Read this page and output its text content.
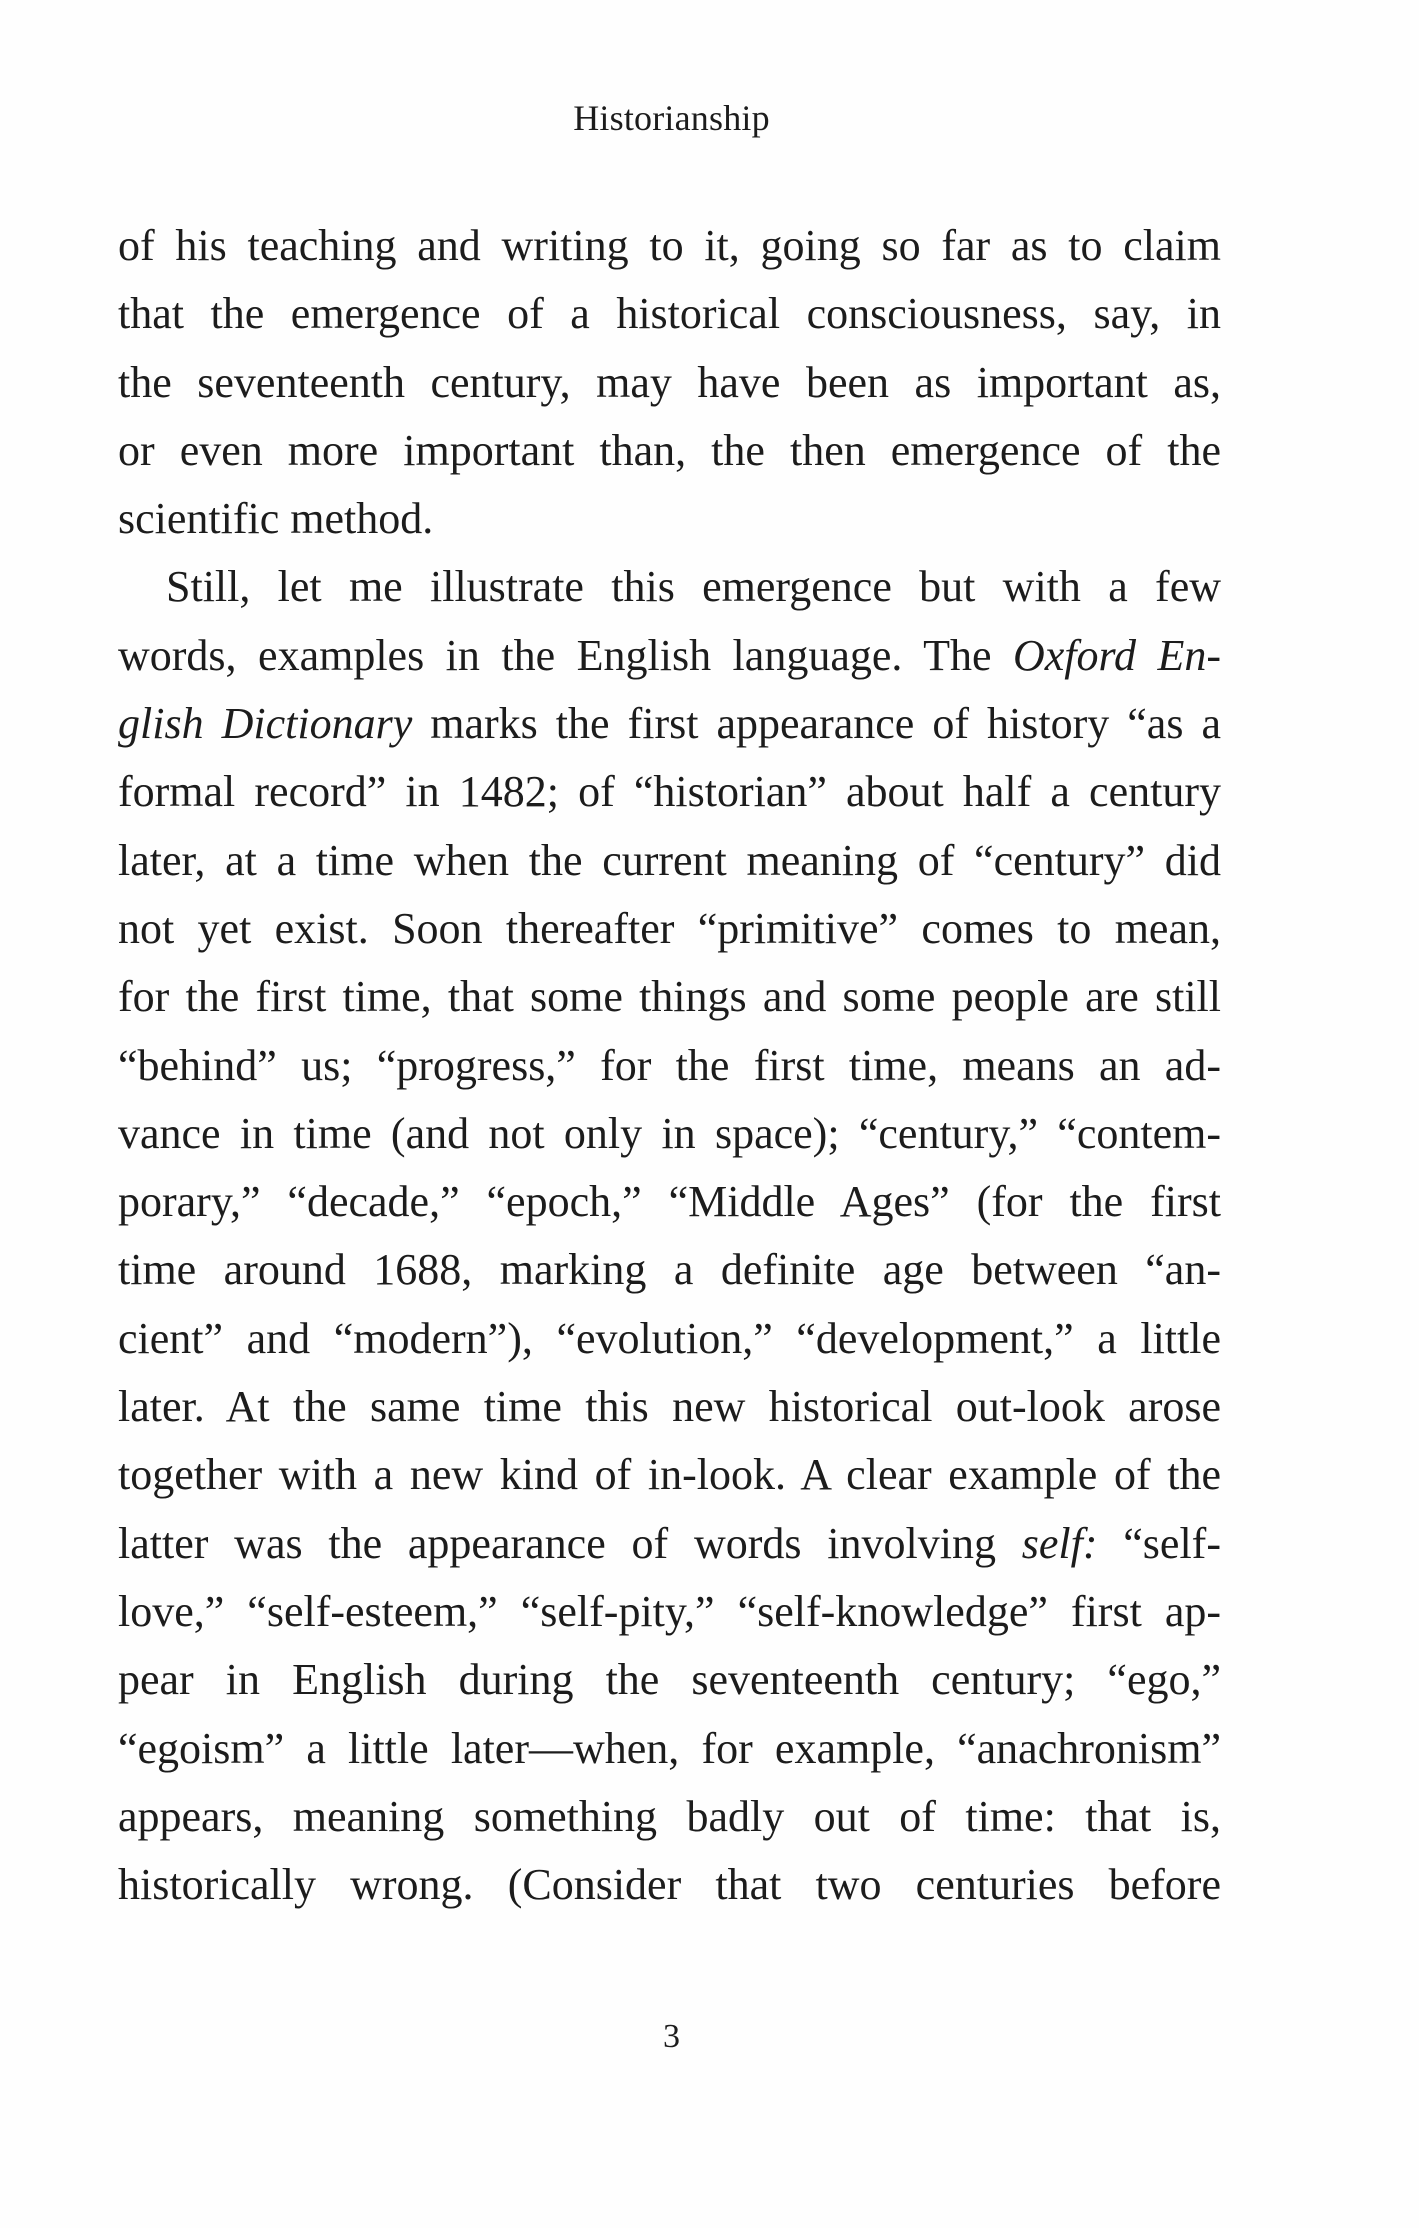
Historianship
of his teaching and writing to it, going so far as to claim
that the emergence of a historical consciousness, say, in
the seventeenth century, may have been as important as,
or even more important than, the then emergence of the
scientific method.
Still, let me illustrate this emergence but with a few
words, examples in the English language. The Oxford En-
glish Dictionary marks the first appearance of history “as a
formal record” in 1482; of “historian” about half a century
later, at a time when the current meaning of “century” did
not yet exist. Soon thereafter “primitive” comes to mean,
for the first time, that some things and some people are still
“behind” us; “progress,” for the first time, means an ad-
vance in time (and not only in space); “century,” “contem-
porary,” “decade,” “epoch,” “Middle Ages” (for the first
time around 1688, marking a definite age between “an-
cient” and “modern”), “evolution,” “development,” a little
later. At the same time this new historical out-look arose
together with a new kind of in-look. A clear example of the
latter was the appearance of words involving self: “self-
love,” “self-esteem,” “self-pity,” “self-knowledge” first ap-
pear in English during the seventeenth century; “ego,”
“egoism” a little later—when, for example, “anachronism”
appears, meaning something badly out of time: that is,
historically wrong. (Consider that two centuries before
3
